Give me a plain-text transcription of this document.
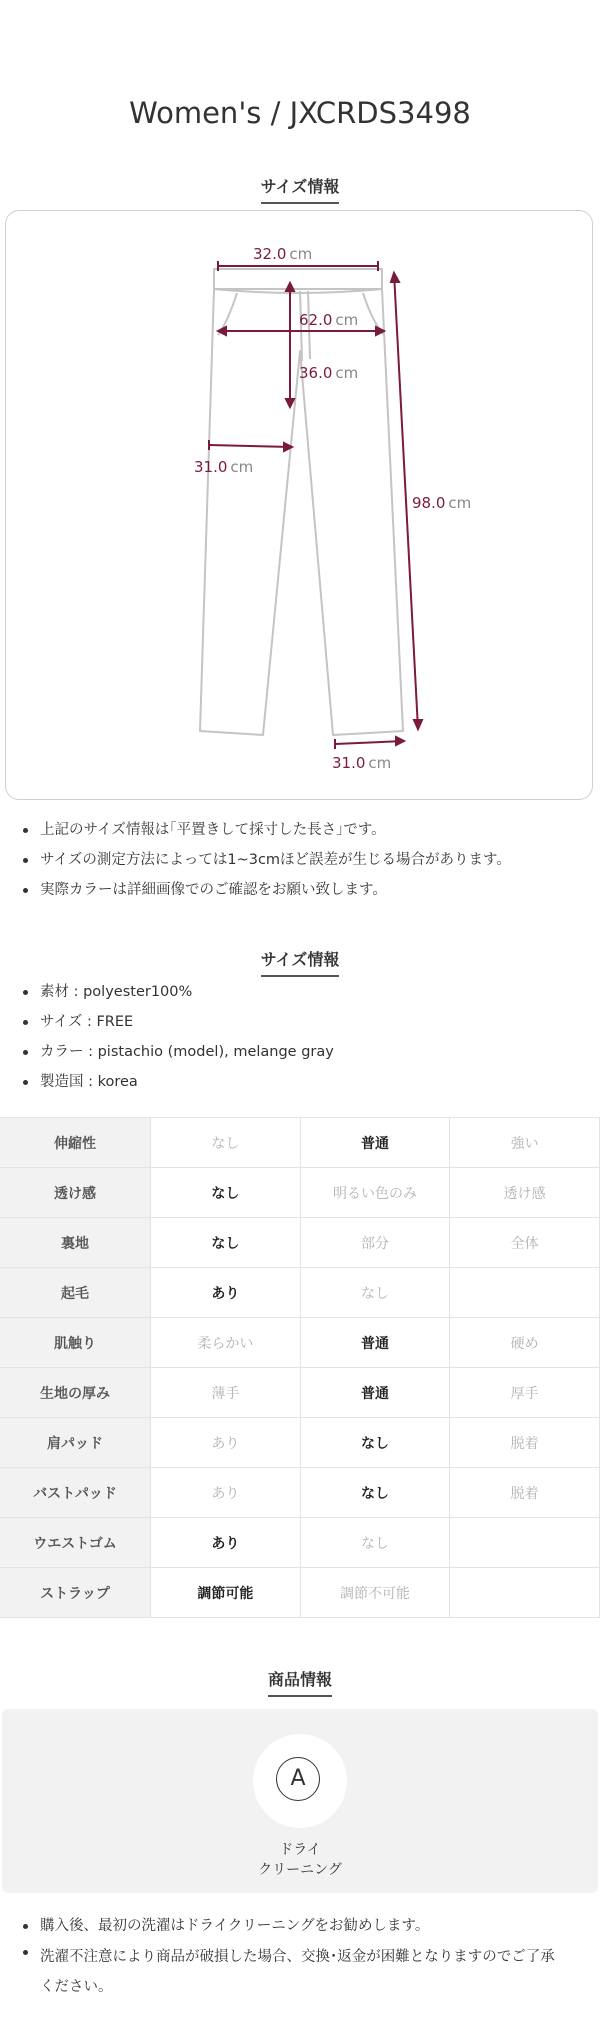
Women's / JXCRDS3498
サイズ情報
32.0 cm
62.0 cm
36.0 cm
31.0 cm
98.0 cm
31.0 cm
上記のサイズ情報は｢平置きして採寸した長さ｣です。
サイズの測定方法によっては1~3cmほど誤差が生じる場合があります。
実際カラーは詳細画像でのご確認をお願い致します。
サイズ情報
素材 : polyester100%
サイズ : FREE
カラー : pistachio (model), melange gray
製造国 : korea
伸縮性	なし	普通	強い
透け感	なし	明るい色のみ	透け感
裏地	なし	部分	全体
起毛	あり	なし	
肌触り	柔らかい	普通	硬め
生地の厚み	薄手	普通	厚手
肩パッド	あり	なし	脱着
バストパッド	あり	なし	脱着
ウエストゴム	あり	なし	
ストラップ	調節可能	調節不可能	
商品情報
A
ドライ
クリーニング
購入後、最初の洗濯はドライクリーニングをお勧めします。
洗濯不注意により商品が破損した場合、交換･返金が困難となりますのでご了承ください。
